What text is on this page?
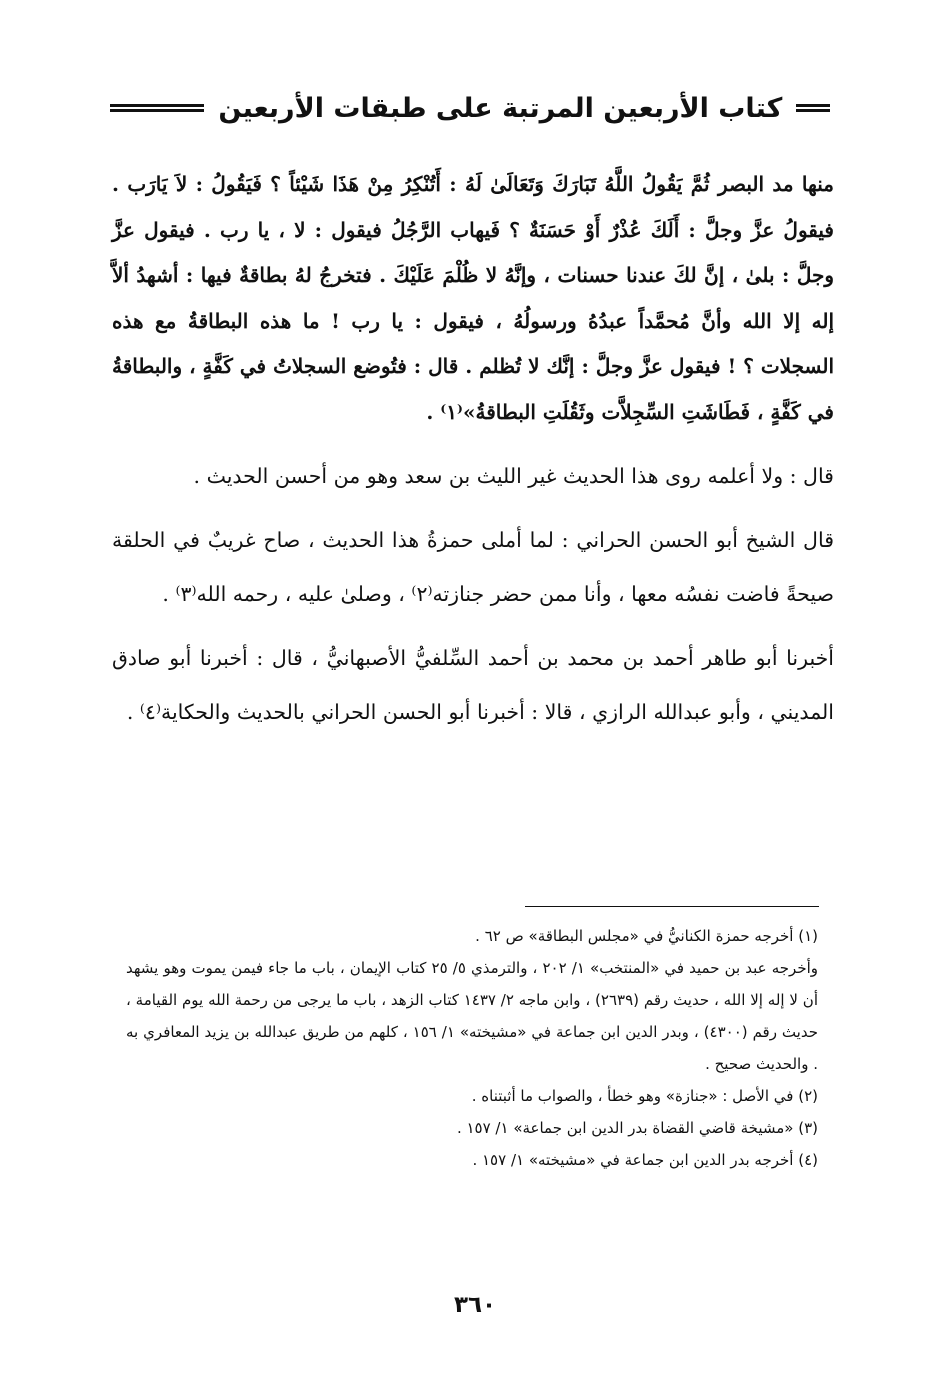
كتاب الأربعين المرتبة على طبقات الأربعين

منها مد البصر ثُمَّ يَقُولُ اللَّهُ تَبَارَكَ وَتَعَالَىٰ لَهُ : أَتُنْكِرُ مِنْ هَذَا شَيْئاً ؟ فَيَقُولُ : لاَ يَارَب . فيقولُ عزَّ وجلَّ : أَلَكَ عُذْرٌ أَوْ حَسَنَةٌ ؟ فَيهاب الرَّجُلُ فيقول : لا ، يا رب . فيقول عزَّ وجلَّ : بلىٰ ، إنَّ لكَ عندنا حسنات ، وإنَّهُ لا ظُلْمَ عَلَيْكَ . فتخرجُ لهُ بطاقةٌ فيها : أشهدُ ألاَّ إله إلا الله وأنَّ مُحمَّداً عبدُهُ ورسولُهُ ، فيقول : يا رب ! ما هذه البطاقةُ مع هذه السجلات ؟ ! فيقول عزَّ وجلَّ : إنَّك لا تُظلم . قال : فتُوضع السجلاتُ في كَفَّةٍ ، والبطاقةُ في كَفَّةٍ ، فَطَاشَتِ السِّجِلاَّت وثَقُلَتِ البطاقةُ»⁽١⁾ .

قال : ولا أعلمه روى هذا الحديث غير الليث بن سعد وهو من أحسن الحديث .

قال الشيخ أبو الحسن الحراني : لما أملى حمزةُ هذا الحديث ، صاح غريبٌ في الحلقة صيحةً فاضت نفسُه معها ، وأنا ممن حضر جنازته⁽٢⁾ ، وصلىٰ عليه ، رحمه الله⁽٣⁾ .

أخبرنا أبو طاهر أحمد بن محمد بن أحمد السِّلفيُّ الأصبهانيُّ ، قال : أخبرنا أبو صادق المديني ، وأبو عبدالله الرازي ، قالا : أخبرنا أبو الحسن الحراني بالحديث والحكاية⁽٤⁾ .

(١) أخرجه حمزة الكنانيُّ في «مجلس البطاقة» ص ٦٢ .

وأخرجه عبد بن حميد في «المنتخب» ١/ ٢٠٢ ، والترمذي ٥/ ٢٥ كتاب الإيمان ، باب ما جاء فيمن يموت وهو يشهد أن لا إله إلا الله ، حديث رقم (٢٦٣٩) ، وابن ماجه ٢/ ١٤٣٧ كتاب الزهد ، باب ما يرجى من رحمة الله يوم القيامة ، حديث رقم (٤٣٠٠) ، وبدر الدين ابن جماعة في «مشيخته» ١/ ١٥٦ ، كلهم من طريق عبدالله بن يزيد المعافري به . والحديث صحيح .

(٢) في الأصل : «جنازة» وهو خطأ ، والصواب ما أثبتناه .

(٣) «مشيخة قاضي القضاة بدر الدين ابن جماعة» ١/ ١٥٧ .

(٤) أخرجه بدر الدين ابن جماعة في «مشيخته» ١/ ١٥٧ .

٣٦٠
